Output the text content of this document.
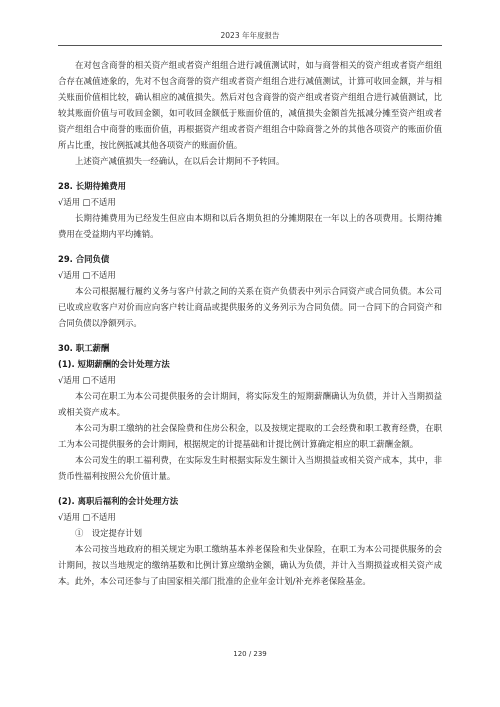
2023 年年度报告

在对包含商誉的相关资产组或者资产组组合进行减值测试时，如与商誉相关的资产组或者资产组组合存在减值迹象的，先对不包含商誉的资产组或者资产组组合进行减值测试，计算可收回金额，并与相关账面价值相比较，确认相应的减值损失。然后对包含商誉的资产组或者资产组组合进行减值测试，比较其账面价值与可收回金额，如可收回金额低于账面价值的，减值损失金额首先抵减分摊至资产组或者资产组组合中商誉的账面价值，再根据资产组或者资产组组合中除商誉之外的其他各项资产的账面价值所占比重，按比例抵减其他各项资产的账面价值。

上述资产减值损失一经确认，在以后会计期间不予转回。

28. 长期待摊费用

√适用 □不适用

长期待摊费用为已经发生但应由本期和以后各期负担的分摊期限在一年以上的各项费用。长期待摊费用在受益期内平均摊销。

29. 合同负债

√适用 □不适用

本公司根据履行履约义务与客户付款之间的关系在资产负债表中列示合同资产或合同负债。本公司已收或应收客户对价而应向客户转让商品或提供服务的义务列示为合同负债。同一合同下的合同资产和合同负债以净额列示。

30. 职工薪酬

(1). 短期薪酬的会计处理方法

√适用 □不适用

本公司在职工为本公司提供服务的会计期间，将实际发生的短期薪酬确认为负债，并计入当期损益或相关资产成本。

本公司为职工缴纳的社会保险费和住房公积金，以及按规定提取的工会经费和职工教育经费，在职工为本公司提供服务的会计期间，根据规定的计提基础和计提比例计算确定相应的职工薪酬金额。

本公司发生的职工福利费，在实际发生时根据实际发生额计入当期损益或相关资产成本，其中，非货币性福利按照公允价值计量。

(2). 离职后福利的会计处理方法

√适用 □不适用

①　设定提存计划

本公司按当地政府的相关规定为职工缴纳基本养老保险和失业保险，在职工为本公司提供服务的会计期间，按以当地规定的缴纳基数和比例计算应缴纳金额，确认为负债，并计入当期损益或相关资产成本。此外，本公司还参与了由国家相关部门批准的企业年金计划/补充养老保险基金。

120 / 239
